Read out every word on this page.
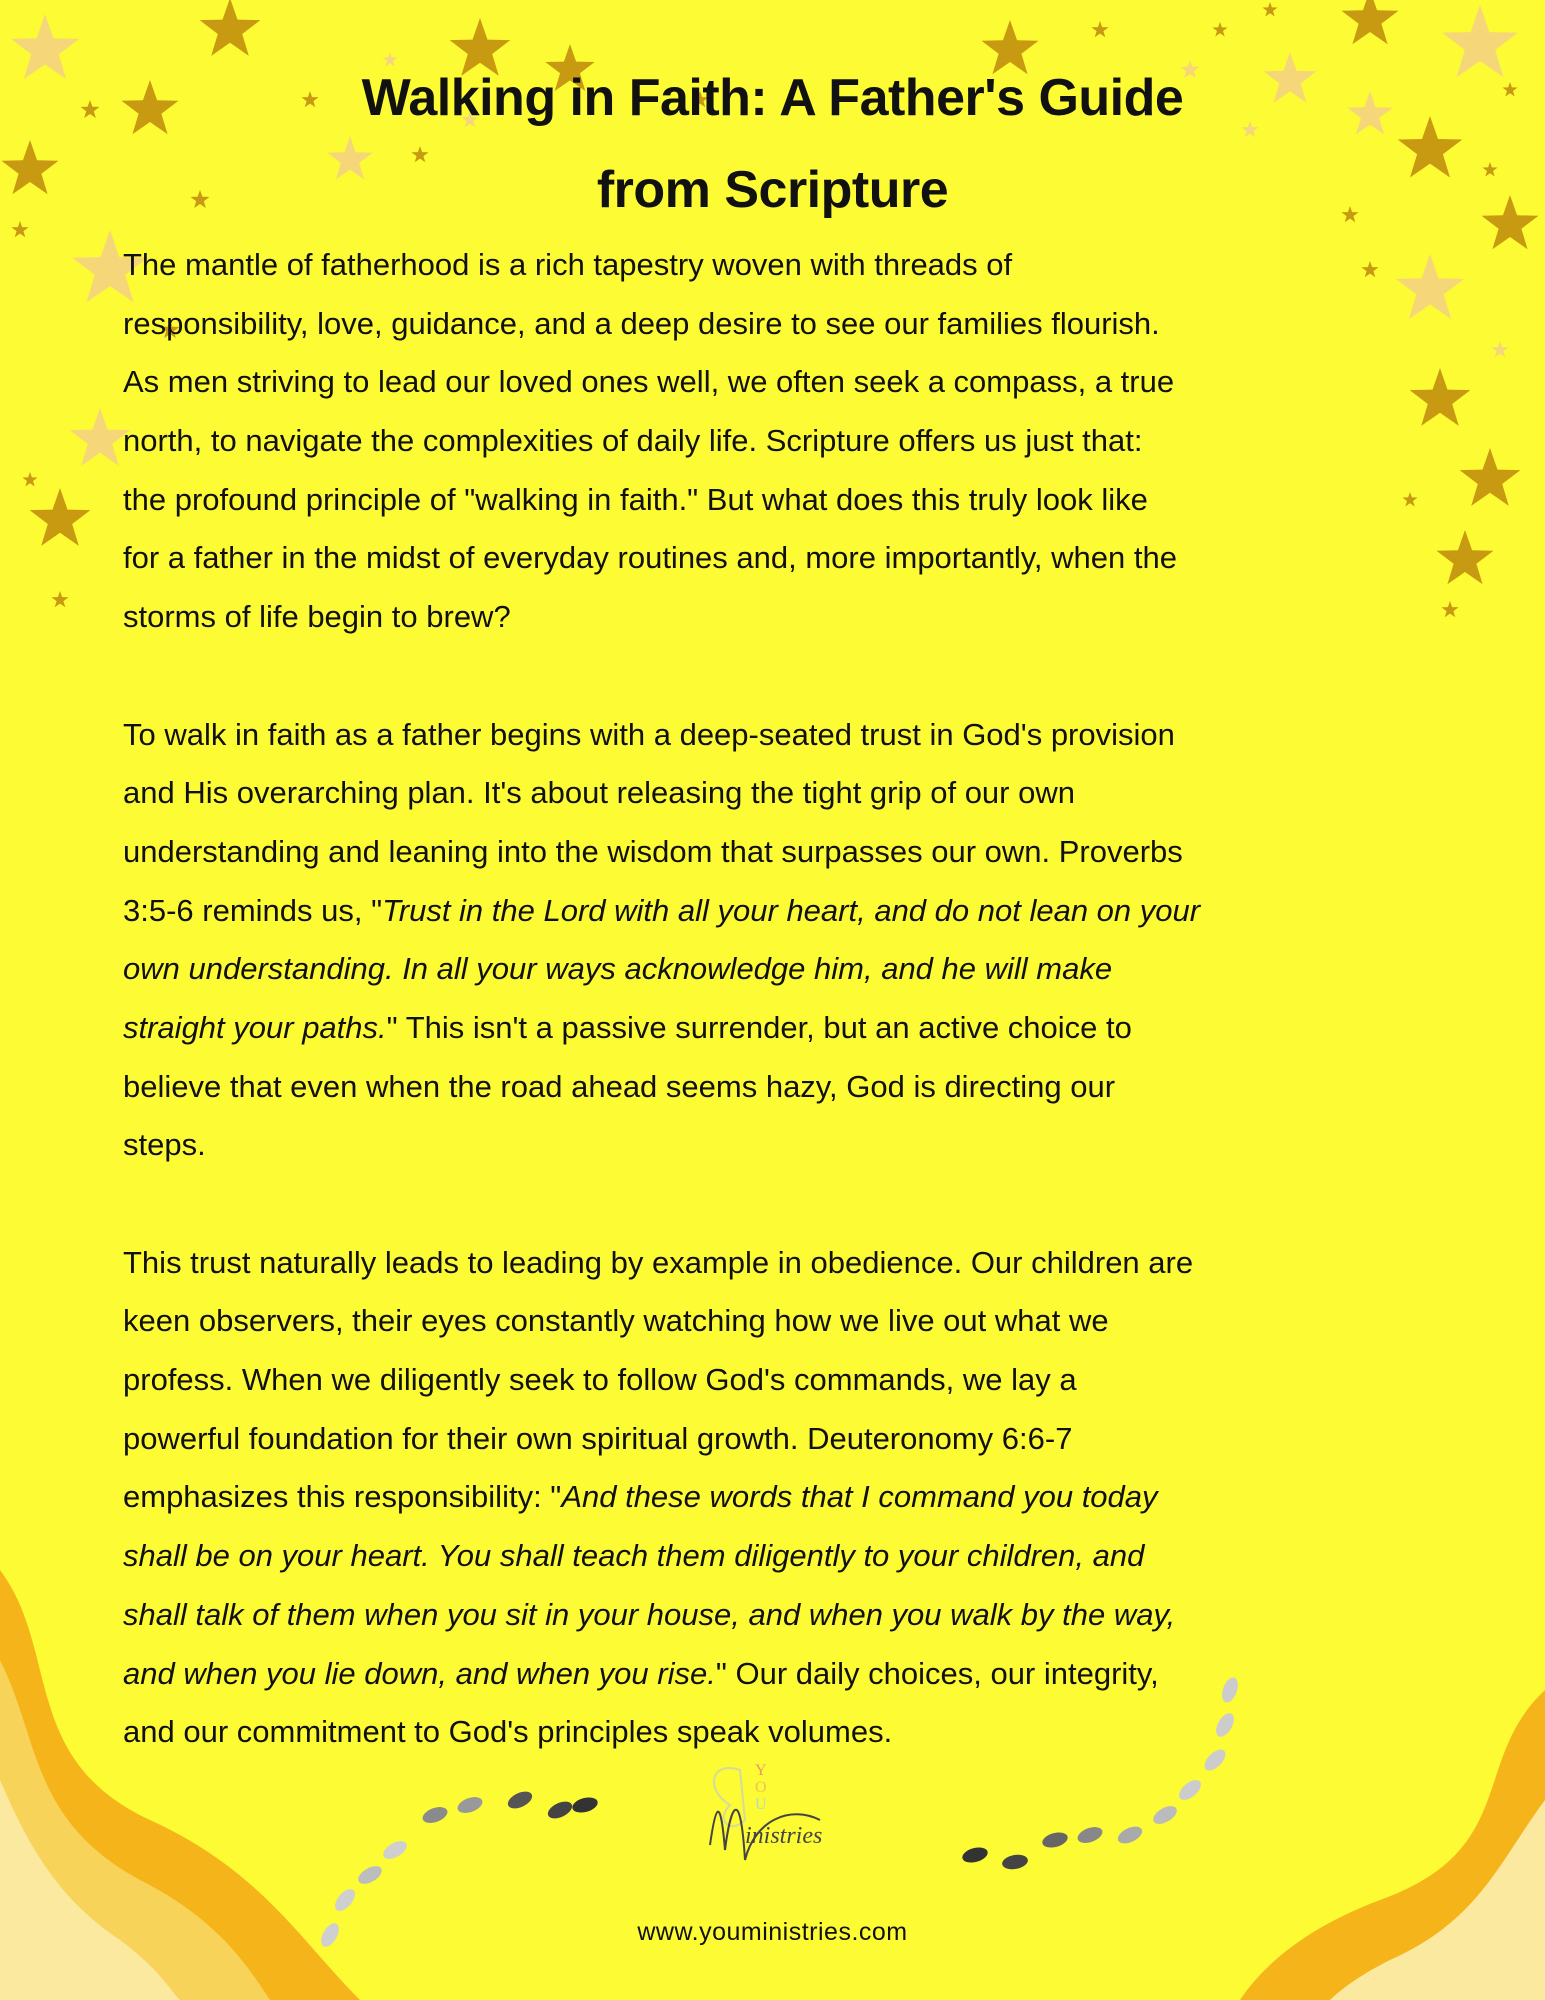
Walking in Faith: A Father's Guide
from Scripture
The mantle of fatherhood is a rich tapestry woven with threads of
responsibility, love, guidance, and a deep desire to see our families flourish.
As men striving to lead our loved ones well, we often seek a compass, a true
north, to navigate the complexities of daily life. Scripture offers us just that:
the profound principle of "walking in faith." But what does this truly look like
for a father in the midst of everyday routines and, more importantly, when the
storms of life begin to brew?
To walk in faith as a father begins with a deep-seated trust in God's provision
and His overarching plan. It's about releasing the tight grip of our own
understanding and leaning into the wisdom that surpasses our own. Proverbs
3:5-6 reminds us, "Trust in the Lord with all your heart, and do not lean on your
own understanding. In all your ways acknowledge him, and he will make
straight your paths." This isn't a passive surrender, but an active choice to
believe that even when the road ahead seems hazy, God is directing our
steps.
This trust naturally leads to leading by example in obedience. Our children are
keen observers, their eyes constantly watching how we live out what we
profess. When we diligently seek to follow God's commands, we lay a
powerful foundation for their own spiritual growth. Deuteronomy 6:6-7
emphasizes this responsibility: "And these words that I command you today
shall be on your heart. You shall teach them diligently to your children, and
shall talk of them when you sit in your house, and when you walk by the way,
and when you lie down, and when you rise." Our daily choices, our integrity,
and our commitment to God's principles speak volumes.
Y
O
U
inistries
www.youministries.com
